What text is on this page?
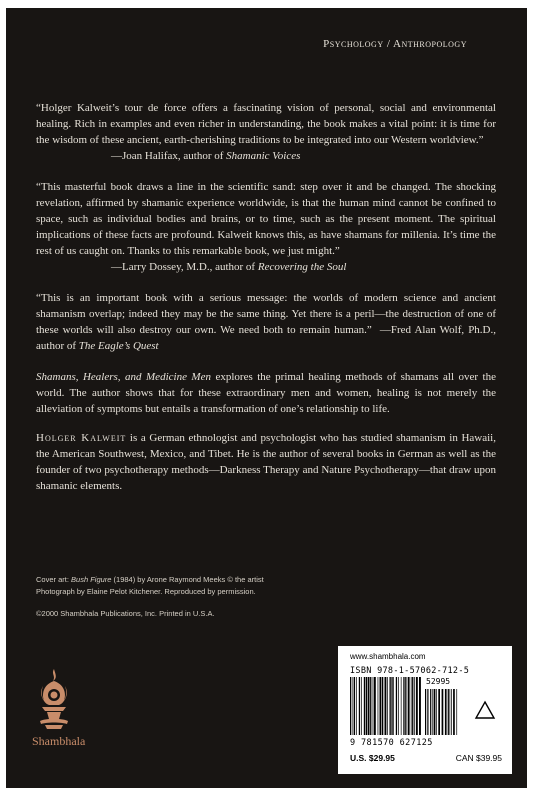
Psychology / Anthropology

“Holger Kalweit’s tour de force offers a fascinating vision of personal, social and environmental healing. Rich in examples and even richer in understanding, the book makes a vital point: it is time for the wisdom of these ancient, earth-cherishing traditions to be integrated into our Western worldview.”

—Joan Halifax, author of Shamanic Voices

“This masterful book draws a line in the scientific sand: step over it and be changed. The shocking revelation, affirmed by shamanic experience worldwide, is that the human mind cannot be confined to space, such as individual bodies and brains, or to time, such as the present moment. The spiritual implications of these facts are profound. Kalweit knows this, as have shamans for millenia. It’s time the rest of us caught on. Thanks to this remarkable book, we just might.”

—Larry Dossey, M.D., author of Recovering the Soul

“This is an important book with a serious message: the worlds of modern science and ancient shamanism overlap; indeed they may be the same thing. Yet there is a peril—the destruction of one of these worlds will also destroy our own. We need both to remain human.” —Fred Alan Wolf, Ph.D., author of The Eagle’s Quest

Shamans, Healers, and Medicine Men explores the primal healing methods of shamans all over the world. The author shows that for these extraordinary men and women, healing is not merely the alleviation of symptoms but entails a transformation of one’s relationship to life.

Holger Kalweit is a German ethnologist and psychologist who has studied shamanism in Hawaii, the American Southwest, Mexico, and Tibet. He is the author of several books in German as well as the founder of two psychotherapy methods—Darkness Therapy and Nature Psychotherapy—that draw upon shamanic elements.

Cover art: Bush Figure (1984) by Arone Raymond Meeks © the artist

Photograph by Elaine Pelot Kitchener. Reproduced by permission.

©2000 Shambhala Publications, Inc. Printed in U.S.A.

Shambhala
www.shambhala.com
ISBN 978-1-57062-712-5
52995
9 781570 627125
U.S. $29.95	CAN $39.95
